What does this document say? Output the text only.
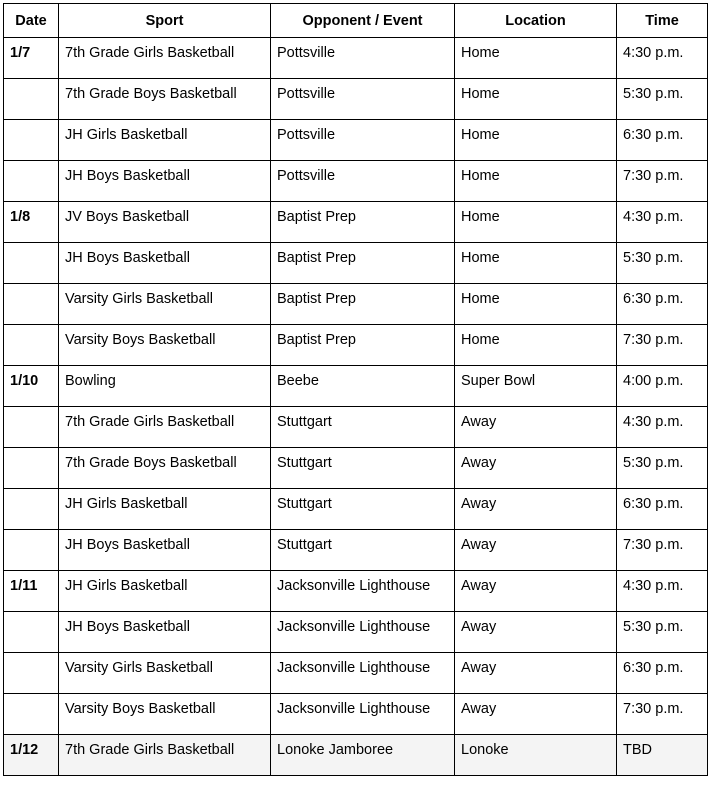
Date	Sport	Opponent / Event	Location	Time
1/7	7th Grade Girls Basketball	Pottsville	Home	4:30 p.m.
	7th Grade Boys Basketball	Pottsville	Home	5:30 p.m.
	JH Girls Basketball	Pottsville	Home	6:30 p.m.
	JH Boys Basketball	Pottsville	Home	7:30 p.m.
1/8	JV Boys Basketball	Baptist Prep	Home	4:30 p.m.
	JH Boys Basketball	Baptist Prep	Home	5:30 p.m.
	Varsity Girls Basketball	Baptist Prep	Home	6:30 p.m.
	Varsity Boys Basketball	Baptist Prep	Home	7:30 p.m.
1/10	Bowling	Beebe	Super Bowl	4:00 p.m.
	7th Grade Girls Basketball	Stuttgart	Away	4:30 p.m.
	7th Grade Boys Basketball	Stuttgart	Away	5:30 p.m.
	JH Girls Basketball	Stuttgart	Away	6:30 p.m.
	JH Boys Basketball	Stuttgart	Away	7:30 p.m.
1/11	JH Girls Basketball	Jacksonville Lighthouse	Away	4:30 p.m.
	JH Boys Basketball	Jacksonville Lighthouse	Away	5:30 p.m.
	Varsity Girls Basketball	Jacksonville Lighthouse	Away	6:30 p.m.
	Varsity Boys Basketball	Jacksonville Lighthouse	Away	7:30 p.m.
1/12	7th Grade Girls Basketball	Lonoke Jamboree	Lonoke	TBD
